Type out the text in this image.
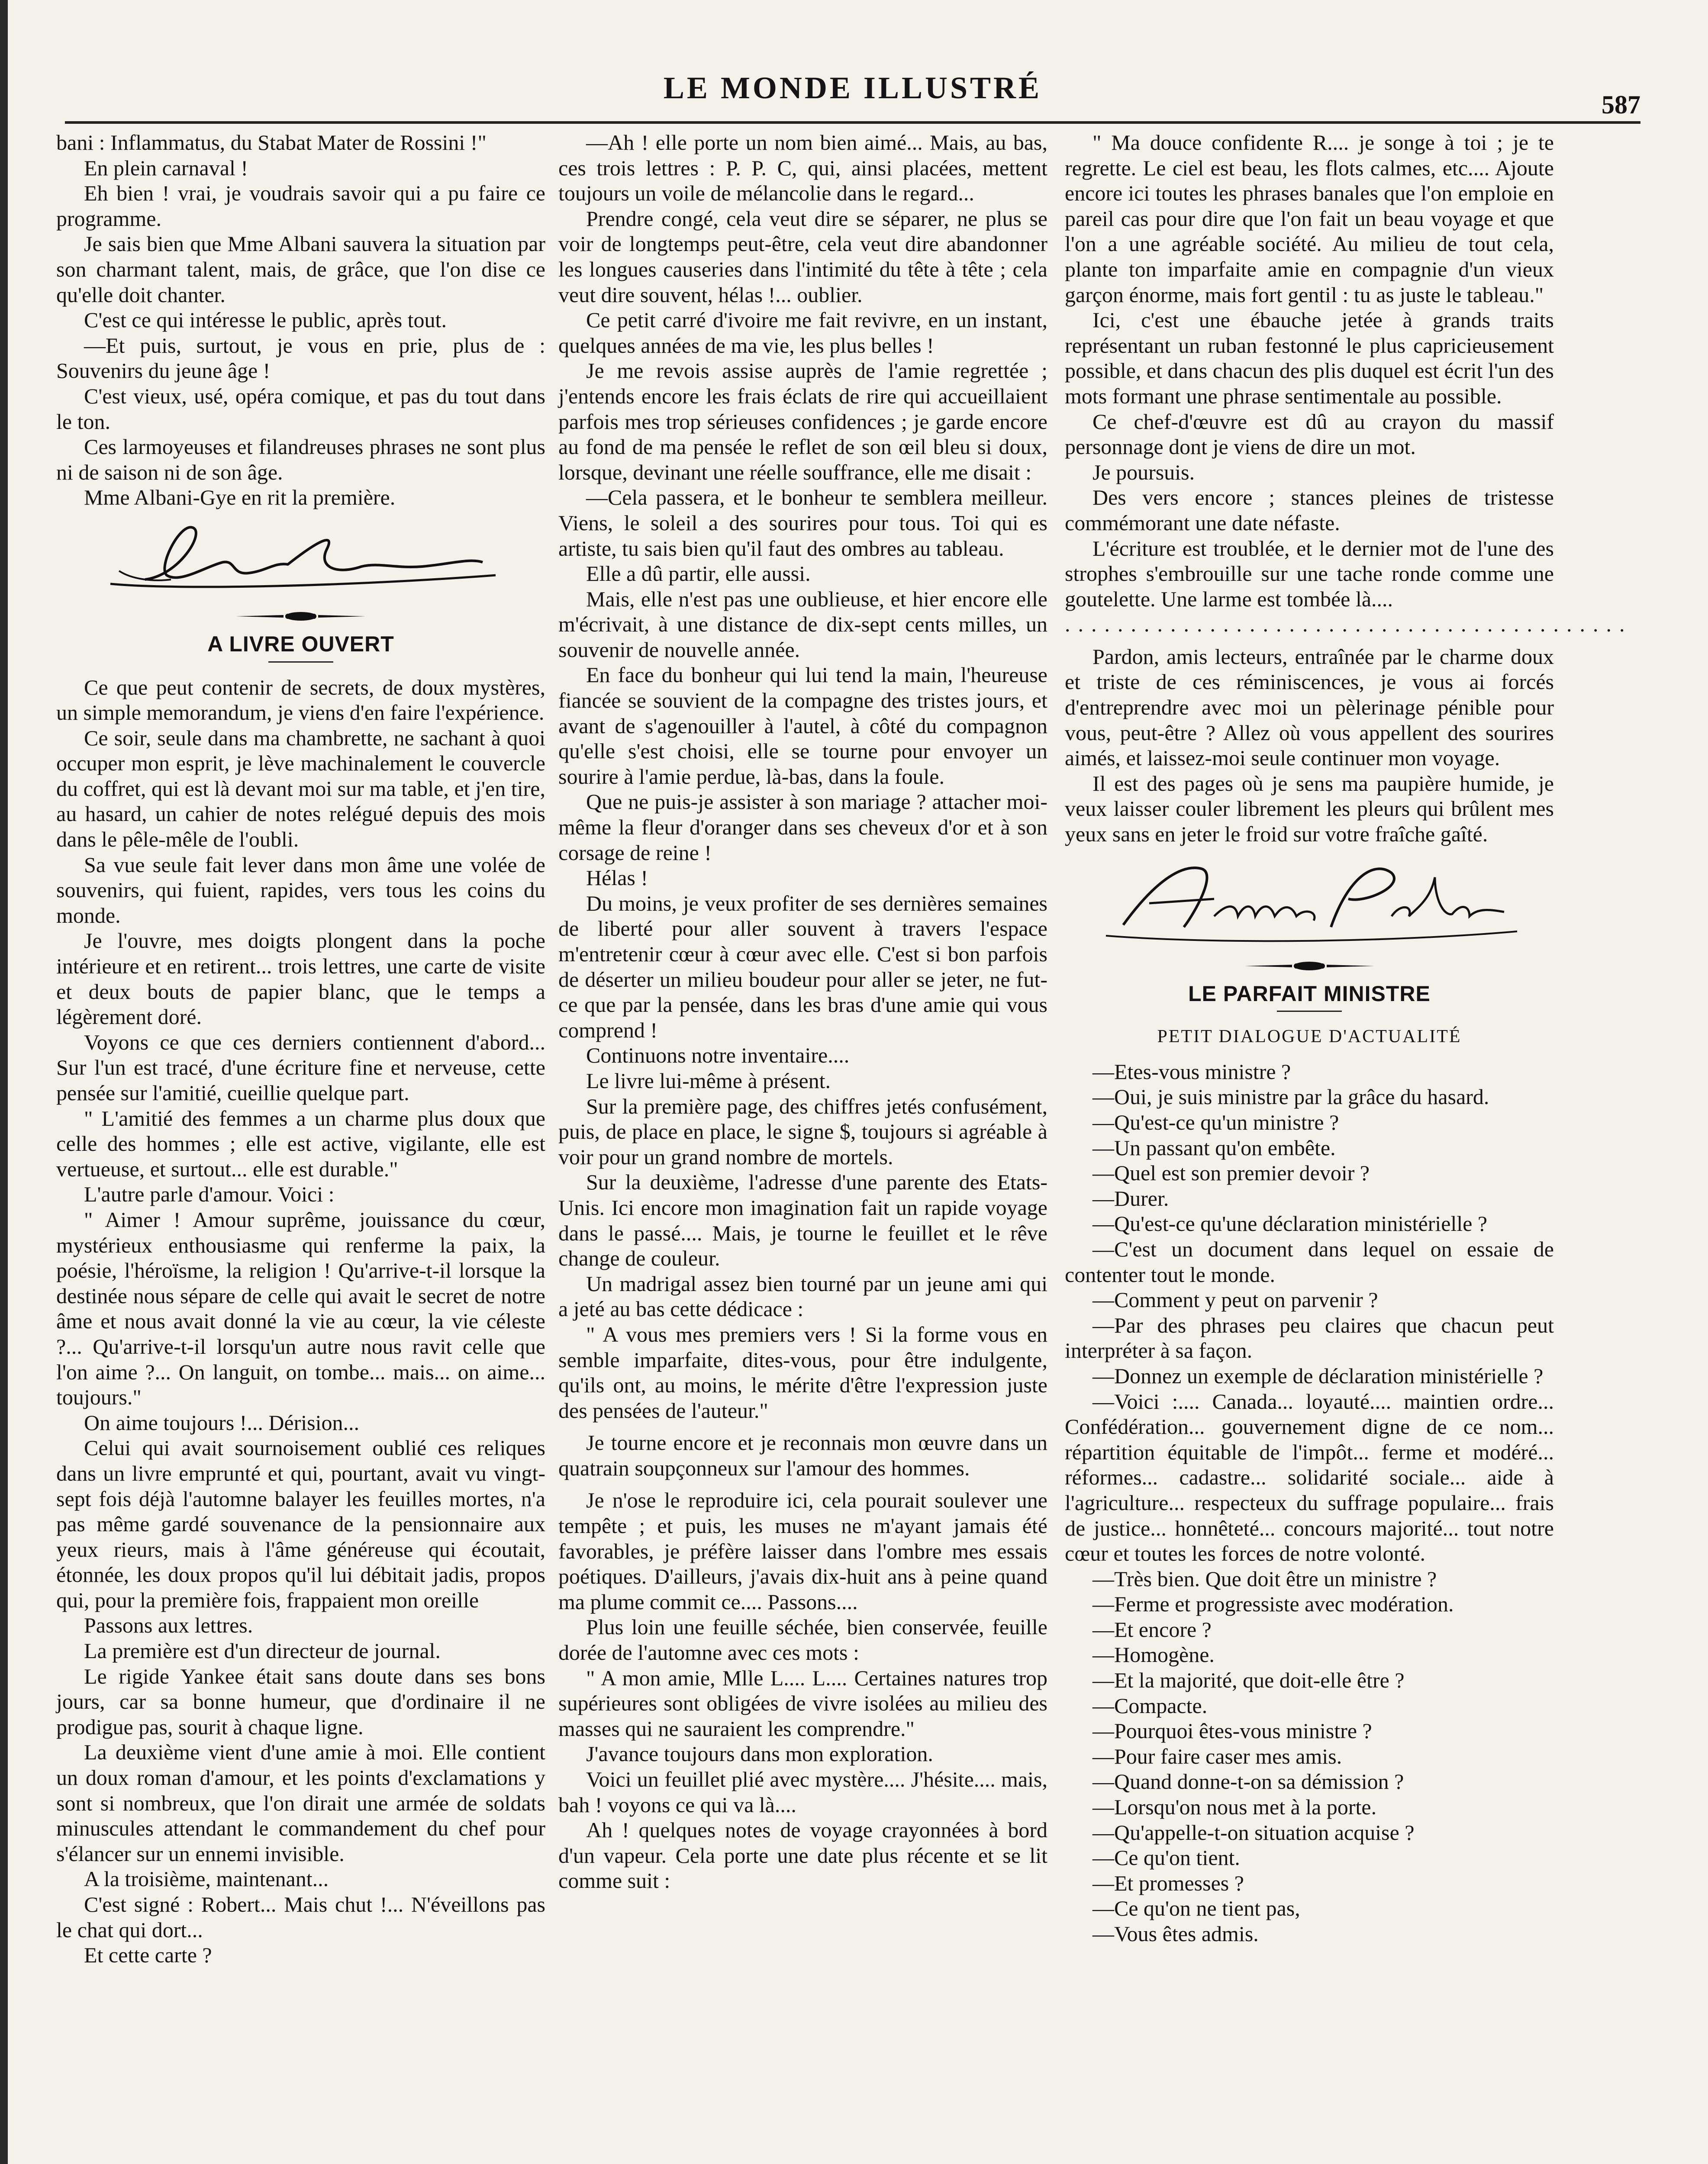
LE MONDE ILLUSTRÉ	587

bani : Inflammatus, du Stabat Mater de Rossini !"

En plein carnaval !

Eh bien ! vrai, je voudrais savoir qui a pu faire ce programme.

Je sais bien que Mme Albani sauvera la situation par son charmant talent, mais, de grâce, que l'on dise ce qu'elle doit chanter.

C'est ce qui intéresse le public, après tout.

—Et puis, surtout, je vous en prie, plus de : Souvenirs du jeune âge !

C'est vieux, usé, opéra comique, et pas du tout dans le ton.

Ces larmoyeuses et filandreuses phrases ne sont plus ni de saison ni de son âge.

Mme Albani-Gye en rit la première.

A LIVRE OUVERT

Ce que peut contenir de secrets, de doux mystères, un simple memorandum, je viens d'en faire l'expérience.

Ce soir, seule dans ma chambrette, ne sachant à quoi occuper mon esprit, je lève machinalement le couvercle du coffret, qui est là devant moi sur ma table, et j'en tire, au hasard, un cahier de notes relégué depuis des mois dans le pêle-mêle de l'oubli.

Sa vue seule fait lever dans mon âme une volée de souvenirs, qui fuient, rapides, vers tous les coins du monde.

Je l'ouvre, mes doigts plongent dans la poche intérieure et en retirent... trois lettres, une carte de visite et deux bouts de papier blanc, que le temps a légèrement doré.

Voyons ce que ces derniers contiennent d'abord... Sur l'un est tracé, d'une écriture fine et nerveuse, cette pensée sur l'amitié, cueillie quelque part.

" L'amitié des femmes a un charme plus doux que celle des hommes ; elle est active, vigilante, elle est vertueuse, et surtout... elle est durable."

L'autre parle d'amour. Voici :

" Aimer ! Amour suprême, jouissance du cœur, mystérieux enthousiasme qui renferme la paix, la poésie, l'héroïsme, la religion ! Qu'arrive-t-il lorsque la destinée nous sépare de celle qui avait le secret de notre âme et nous avait donné la vie au cœur, la vie céleste ?... Qu'arrive-t-il lorsqu'un autre nous ravit celle que l'on aime ?... On languit, on tombe... mais... on aime... toujours."

On aime toujours !... Dérision...

Celui qui avait sournoisement oublié ces reliques dans un livre emprunté et qui, pourtant, avait vu vingt-sept fois déjà l'automne balayer les feuilles mortes, n'a pas même gardé souvenance de la pensionnaire aux yeux rieurs, mais à l'âme généreuse qui écoutait, étonnée, les doux propos qu'il lui débitait jadis, propos qui, pour la première fois, frappaient mon oreille

Passons aux lettres.

La première est d'un directeur de journal.

Le rigide Yankee était sans doute dans ses bons jours, car sa bonne humeur, que d'ordinaire il ne prodigue pas, sourit à chaque ligne.

La deuxième vient d'une amie à moi. Elle contient un doux roman d'amour, et les points d'exclamations y sont si nombreux, que l'on dirait une armée de soldats minuscules attendant le commandement du chef pour s'élancer sur un ennemi invisible.

A la troisième, maintenant...

C'est signé : Robert... Mais chut !... N'éveillons pas le chat qui dort...

Et cette carte ?

—Ah ! elle porte un nom bien aimé... Mais, au bas, ces trois lettres : P. P. C, qui, ainsi placées, mettent toujours un voile de mélancolie dans le regard...

Prendre congé, cela veut dire se séparer, ne plus se voir de longtemps peut-être, cela veut dire abandonner les longues causeries dans l'intimité du tête à tête ; cela veut dire souvent, hélas !... oublier.

Ce petit carré d'ivoire me fait revivre, en un instant, quelques années de ma vie, les plus belles !

Je me revois assise auprès de l'amie regrettée ; j'entends encore les frais éclats de rire qui accueillaient parfois mes trop sérieuses confidences ; je garde encore au fond de ma pensée le reflet de son œil bleu si doux, lorsque, devinant une réelle souffrance, elle me disait :

—Cela passera, et le bonheur te semblera meilleur. Viens, le soleil a des sourires pour tous. Toi qui es artiste, tu sais bien qu'il faut des ombres au tableau.

Elle a dû partir, elle aussi.

Mais, elle n'est pas une oublieuse, et hier encore elle m'écrivait, à une distance de dix-sept cents milles, un souvenir de nouvelle année.

En face du bonheur qui lui tend la main, l'heureuse fiancée se souvient de la compagne des tristes jours, et avant de s'agenouiller à l'autel, à côté du compagnon qu'elle s'est choisi, elle se tourne pour envoyer un sourire à l'amie perdue, là-bas, dans la foule.

Que ne puis-je assister à son mariage ? attacher moi-même la fleur d'oranger dans ses cheveux d'or et à son corsage de reine !

Hélas !

Du moins, je veux profiter de ses dernières semaines de liberté pour aller souvent à travers l'espace m'entretenir cœur à cœur avec elle. C'est si bon parfois de déserter un milieu boudeur pour aller se jeter, ne fut-ce que par la pensée, dans les bras d'une amie qui vous comprend !

Continuons notre inventaire....

Le livre lui-même à présent.

Sur la première page, des chiffres jetés confusément, puis, de place en place, le signe $, toujours si agréable à voir pour un grand nombre de mortels.

Sur la deuxième, l'adresse d'une parente des Etats-Unis. Ici encore mon imagination fait un rapide voyage dans le passé.... Mais, je tourne le feuillet et le rêve change de couleur.

Un madrigal assez bien tourné par un jeune ami qui a jeté au bas cette dédicace :

" A vous mes premiers vers ! Si la forme vous en semble imparfaite, dites-vous, pour être indulgente, qu'ils ont, au moins, le mérite d'être l'expression juste des pensées de l'auteur."

Je tourne encore et je reconnais mon œuvre dans un quatrain soupçonneux sur l'amour des hommes.

Je n'ose le reproduire ici, cela pourait soulever une tempête ; et puis, les muses ne m'ayant jamais été favorables, je préfère laisser dans l'ombre mes essais poétiques. D'ailleurs, j'avais dix-huit ans à peine quand ma plume commit ce.... Passons....

Plus loin une feuille séchée, bien conservée, feuille dorée de l'automne avec ces mots :

" A mon amie, Mlle L.... L.... Certaines natures trop supérieures sont obligées de vivre isolées au milieu des masses qui ne sauraient les comprendre."

J'avance toujours dans mon exploration.

Voici un feuillet plié avec mystère.... J'hésite.... mais, bah ! voyons ce qui va là....

Ah ! quelques notes de voyage crayonnées à bord d'un vapeur. Cela porte une date plus récente et se lit comme suit :

" Ma douce confidente R.... je songe à toi ; je te regrette. Le ciel est beau, les flots calmes, etc.... Ajoute encore ici toutes les phrases banales que l'on emploie en pareil cas pour dire que l'on fait un beau voyage et que l'on a une agréable société. Au milieu de tout cela, plante ton imparfaite amie en compagnie d'un vieux garçon énorme, mais fort gentil : tu as juste le tableau."

Ici, c'est une ébauche jetée à grands traits représentant un ruban festonné le plus capricieusement possible, et dans chacun des plis duquel est écrit l'un des mots formant une phrase sentimentale au possible.

Ce chef-d'œuvre est dû au crayon du massif personnage dont je viens de dire un mot.

Je poursuis.

Des vers encore ; stances pleines de tristesse commémorant une date néfaste.

L'écriture est troublée, et le dernier mot de l'une des strophes s'embrouille sur une tache ronde comme une goutelette. Une larme est tombée là....

...........................................

Pardon, amis lecteurs, entraînée par le charme doux et triste de ces réminiscences, je vous ai forcés d'entreprendre avec moi un pèlerinage pénible pour vous, peut-être ? Allez où vous appellent des sourires aimés, et laissez-moi seule continuer mon voyage.

Il est des pages où je sens ma paupière humide, je veux laisser couler librement les pleurs qui brûlent mes yeux sans en jeter le froid sur votre fraîche gaîté.

LE PARFAIT MINISTRE
PETIT DIALOGUE D'ACTUALITÉ

—Etes-vous ministre ?

—Oui, je suis ministre par la grâce du hasard.

—Qu'est-ce qu'un ministre ?

—Un passant qu'on embête.

—Quel est son premier devoir ?

—Durer.

—Qu'est-ce qu'une déclaration ministérielle ?

—C'est un document dans lequel on essaie de contenter tout le monde.

—Comment y peut on parvenir ?

—Par des phrases peu claires que chacun peut interpréter à sa façon.

—Donnez un exemple de déclaration ministérielle ?

—Voici :.... Canada... loyauté.... maintien ordre... Confédération... gouvernement digne de ce nom... répartition équitable de l'impôt... ferme et modéré... réformes... cadastre... solidarité sociale... aide à l'agriculture... respecteux du suffrage populaire... frais de justice... honnêteté... concours majorité... tout notre cœur et toutes les forces de notre volonté.

—Très bien. Que doit être un ministre ?

—Ferme et progressiste avec modération.

—Et encore ?

—Homogène.

—Et la majorité, que doit-elle être ?

—Compacte.

—Pourquoi êtes-vous ministre ?

—Pour faire caser mes amis.

—Quand donne-t-on sa démission ?

—Lorsqu'on nous met à la porte.

—Qu'appelle-t-on situation acquise ?

—Ce qu'on tient.

—Et promesses ?

—Ce qu'on ne tient pas,

—Vous êtes admis.
